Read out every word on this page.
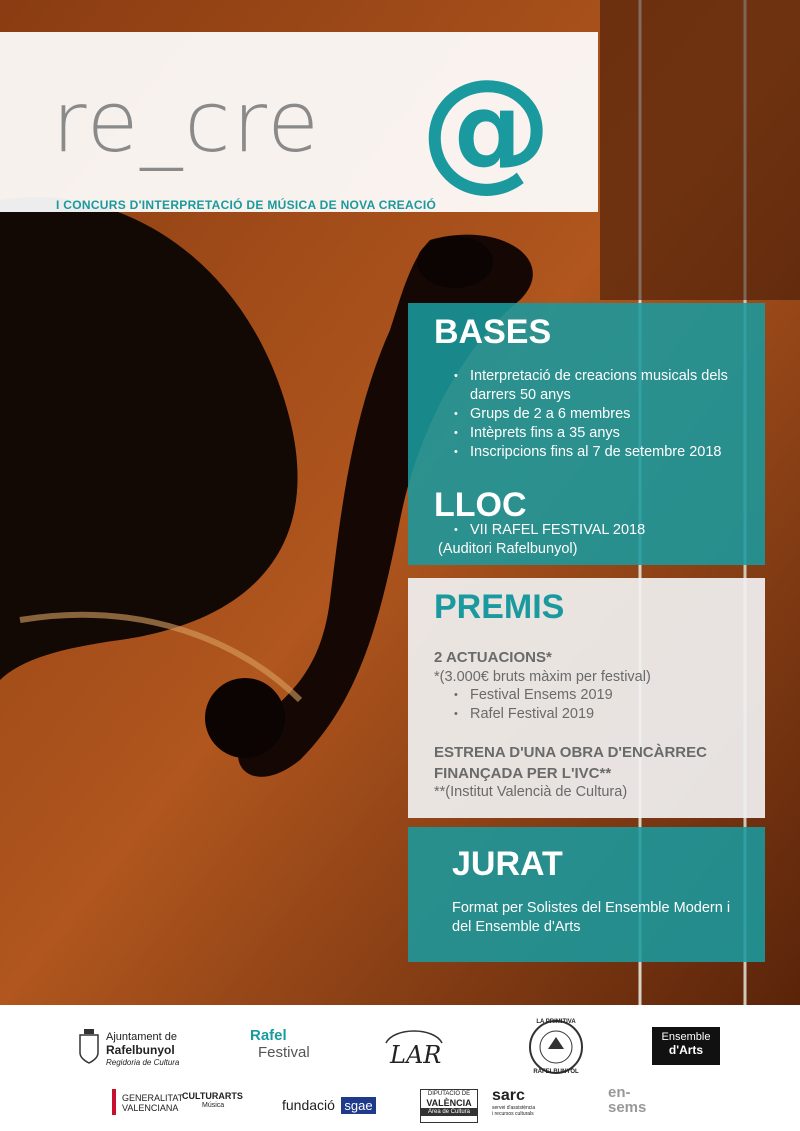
re_cre @
I CONCURS D'INTERPRETACIÓ DE MÚSICA DE NOVA CREACIÓ
BASES
• Interpretació de creacions musicals dels darrers 50 anys
• Grups de 2 a 6 membres
• Intèprets fins a 35 anys
• Inscripcions fins al 7 de setembre 2018
LLOC
• VII RAFEL FESTIVAL 2018
(Auditori Rafelbunyol)
PREMIS
2 ACTUACIONS*
*(3.000€ bruts màxim per festival)
• Festival Ensems 2019
• Rafel Festival 2019
ESTRENA D'UNA OBRA D'ENCÀRREC
FINANÇADA PER L'IVC**
**(Institut Valencià de Cultura)
JURAT
Format per Solistes del Ensemble Modern i del Ensemble d'Arts
Ajuntament de
Rafelbunyol
Regidoria de Cultura
Rafel
Festival	LAR
LA PRIMITIVA
RAFELBUNYOL
Ensemble
d'Arts
GENERALITAT
VALENCIANA
CULTURARTS
Música	fundació sgae
DIPUTACIÓ DE
VALÈNCIA
Àrea de Cultura
sarc
servei d'assistència
i recursos culturals
en-
sems
